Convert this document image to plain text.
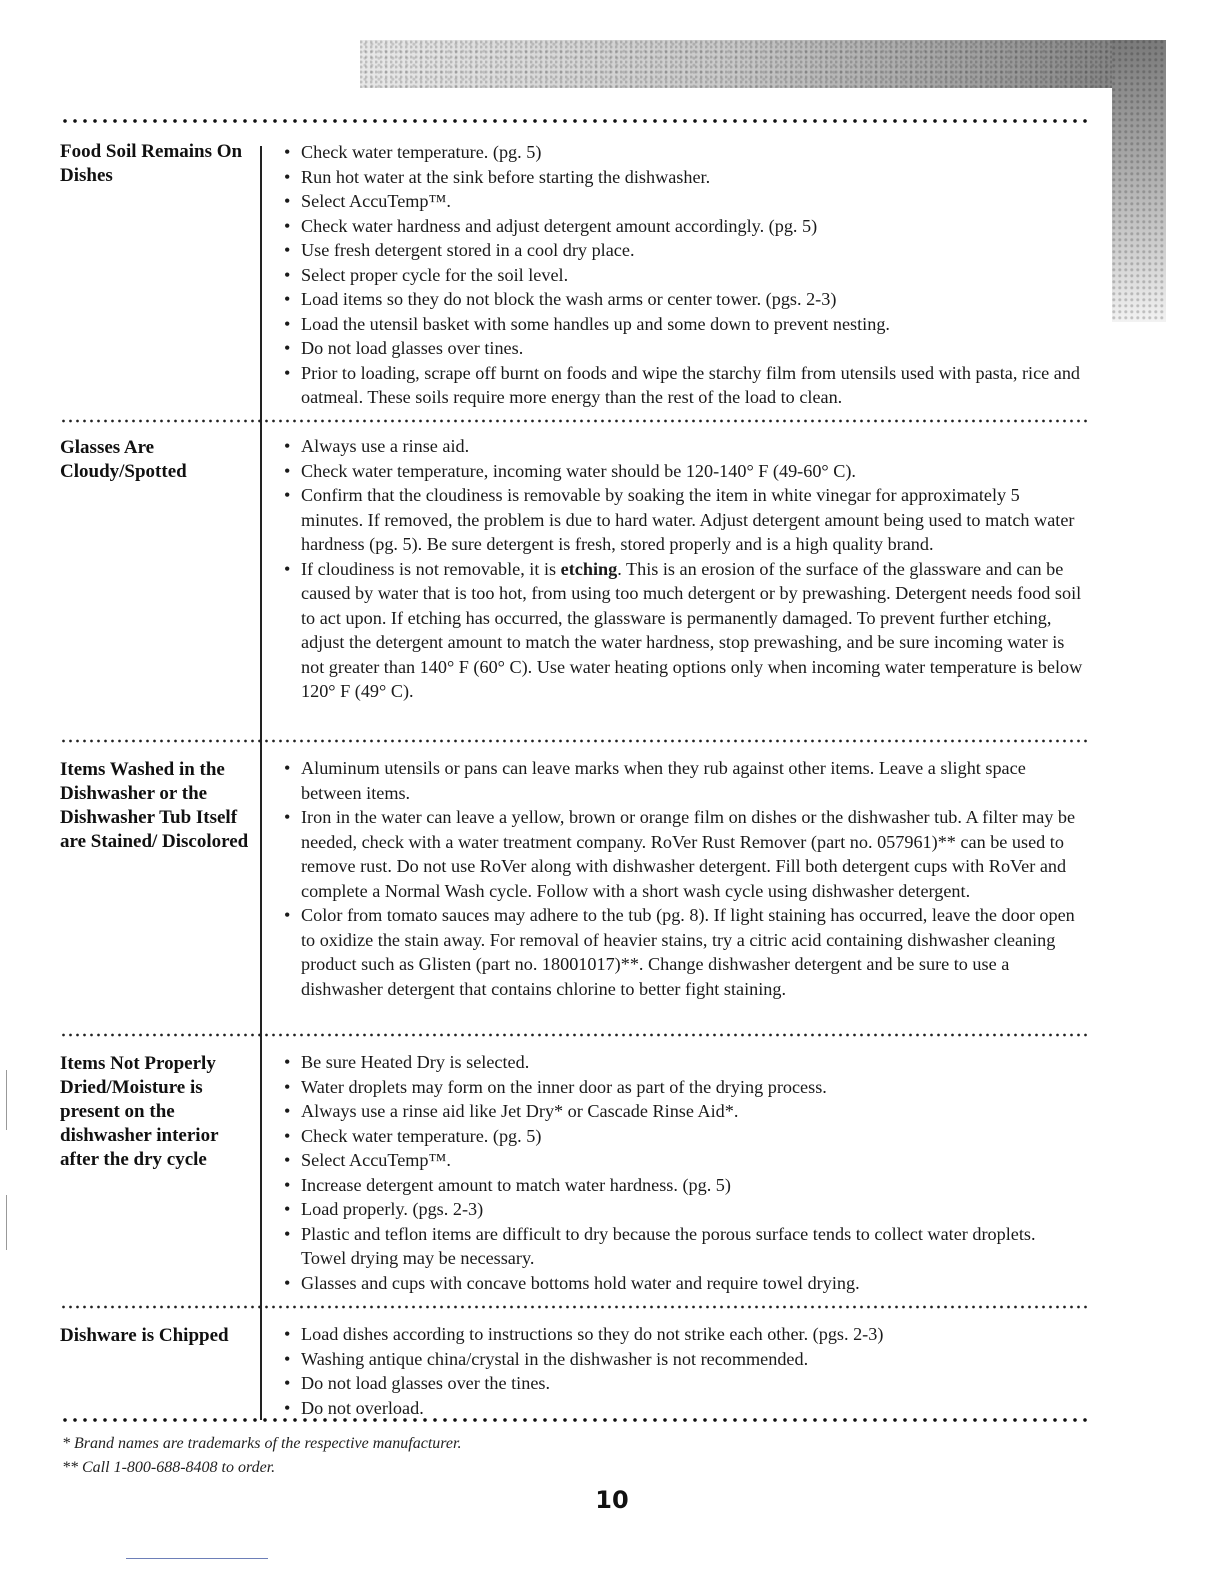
Food Soil Remains On Dishes
• Check water temperature. (pg. 5)
• Run hot water at the sink before starting the dishwasher.
• Select AccuTemp™.
• Check water hardness and adjust detergent amount accordingly. (pg. 5)
• Use fresh detergent stored in a cool dry place.
• Select proper cycle for the soil level.
• Load items so they do not block the wash arms or center tower. (pgs. 2-3)
• Load the utensil basket with some handles up and some down to prevent nesting.
• Do not load glasses over tines.
• Prior to loading, scrape off burnt on foods and wipe the starchy film from utensils used with pasta, rice and oatmeal. These soils require more energy than the rest of the load to clean.
Glasses Are Cloudy/Spotted
• Always use a rinse aid.
• Check water temperature, incoming water should be 120-140° F (49-60° C).
• Confirm that the cloudiness is removable by soaking the item in white vinegar for approximately 5 minutes. If removed, the problem is due to hard water. Adjust detergent amount being used to match water hardness (pg. 5). Be sure detergent is fresh, stored properly and is a high quality brand.
• If cloudiness is not removable, it is etching. This is an erosion of the surface of the glassware and can be caused by water that is too hot, from using too much detergent or by prewashing. Detergent needs food soil to act upon. If etching has occurred, the glassware is permanently damaged. To prevent further etching, adjust the detergent amount to match the water hardness, stop prewashing, and be sure incoming water is not greater than 140° F (60° C). Use water heating options only when incoming water temperature is below 120° F (49° C).
Items Washed in the Dishwasher or the Dishwasher Tub Itself are Stained/ Discolored
• Aluminum utensils or pans can leave marks when they rub against other items. Leave a slight space between items.
• Iron in the water can leave a yellow, brown or orange film on dishes or the dishwasher tub. A filter may be needed, check with a water treatment company. RoVer Rust Remover (part no. 057961)** can be used to remove rust. Do not use RoVer along with dishwasher detergent. Fill both detergent cups with RoVer and complete a Normal Wash cycle. Follow with a short wash cycle using dishwasher detergent.
• Color from tomato sauces may adhere to the tub (pg. 8). If light staining has occurred, leave the door open to oxidize the stain away. For removal of heavier stains, try a citric acid containing dishwasher cleaning product such as Glisten (part no. 18001017)**. Change dishwasher detergent and be sure to use a dishwasher detergent that contains chlorine to better fight staining.
Items Not Properly Dried/Moisture is present on the dishwasher interior after the dry cycle
• Be sure Heated Dry is selected.
• Water droplets may form on the inner door as part of the drying process.
• Always use a rinse aid like Jet Dry* or Cascade Rinse Aid*.
• Check water temperature. (pg. 5)
• Select AccuTemp™.
• Increase detergent amount to match water hardness. (pg. 5)
• Load properly. (pgs. 2-3)
• Plastic and teflon items are difficult to dry because the porous surface tends to collect water droplets. Towel drying may be necessary.
• Glasses and cups with concave bottoms hold water and require towel drying.
Dishware is Chipped
•	Load dishes according to instructions so they do not strike each other. (pgs. 2-3)
• Washing antique china/crystal in the dishwasher is not recommended.
• Do not load glasses over the tines.
• Do not overload.
* Brand names are trademarks of the respective manufacturer.
** Call 1-800-688-8408 to order.
10
